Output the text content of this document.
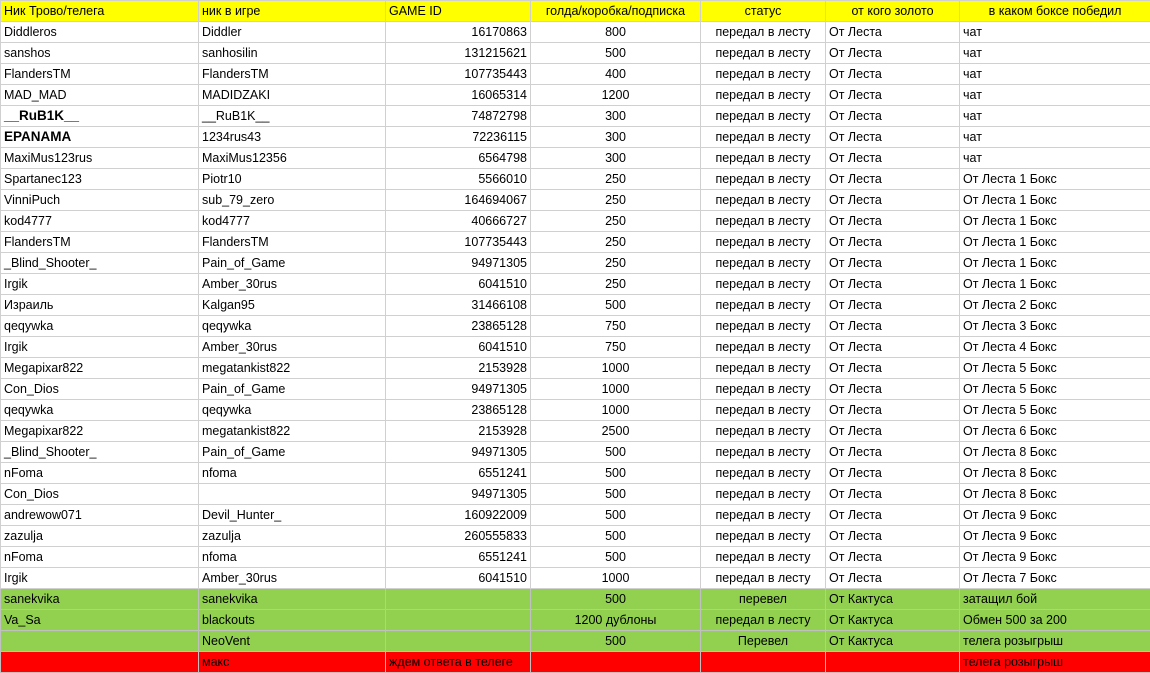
Ник Трово/телега	ник в игре	GAME ID	голда/коробка/подписка	статус	от кого золото	в каком боксе победил
Diddleros	Diddler	16170863	800	передал в лесту	От Леста	чат
sanshos	sanhosilin	131215621	500	передал в лесту	От Леста	чат
FlandersTM	FlandersTM	107735443	400	передал в лесту	От Леста	чат
MAD_MAD	MADIDZAKI	16065314	1200	передал в лесту	От Леста	чат
__RuB1K__	__RuB1K__	74872798	300	передал в лесту	От Леста	чат
EPANAMA	1234rus43	72236115	300	передал в лесту	От Леста	чат
MaxiMus123rus	MaxiMus12356	6564798	300	передал в лесту	От Леста	чат
Spartanec123	Piotr10	5566010	250	передал в лесту	От Леста	От Леста 1 Бокс
VinniPuch	sub_79_zero	164694067	250	передал в лесту	От Леста	От Леста 1 Бокс
kod4777	kod4777	40666727	250	передал в лесту	От Леста	От Леста 1 Бокс
FlandersTM	FlandersTM	107735443	250	передал в лесту	От Леста	От Леста 1 Бокс
_Blind_Shooter_	Pain_of_Game	94971305	250	передал в лесту	От Леста	От Леста 1 Бокс
Irgik	Amber_30rus	6041510	250	передал в лесту	От Леста	От Леста 1 Бокс
Израиль	Kalgan95	31466108	500	передал в лесту	От Леста	От Леста 2 Бокс
qeqywka	qeqywka	23865128	750	передал в лесту	От Леста	От Леста 3 Бокс
Irgik	Amber_30rus	6041510	750	передал в лесту	От Леста	От Леста 4 Бокс
Megapixar822	megatankist822	2153928	1000	передал в лесту	От Леста	От Леста 5 Бокс
Con_Dios	Pain_of_Game	94971305	1000	передал в лесту	От Леста	От Леста 5 Бокс
qeqywka	qeqywka	23865128	1000	передал в лесту	От Леста	От Леста 5 Бокс
Megapixar822	megatankist822	2153928	2500	передал в лесту	От Леста	От Леста 6 Бокс
_Blind_Shooter_	Pain_of_Game	94971305	500	передал в лесту	От Леста	От Леста 8 Бокс
nFoma	nfoma	6551241	500	передал в лесту	От Леста	От Леста 8 Бокс
Con_Dios		94971305	500	передал в лесту	От Леста	От Леста 8 Бокс
andrewow071	Devil_Hunter_	160922009	500	передал в лесту	От Леста	От Леста 9 Бокс
zazulja	zazulja	260555833	500	передал в лесту	От Леста	От Леста 9 Бокс
nFoma	nfoma	6551241	500	передал в лесту	От Леста	От Леста 9 Бокс
Irgik	Amber_30rus	6041510	1000	передал в лесту	От Леста	От Леста 7 Бокс
sanekvika	sanekvika		500	перевел	От Кактуса	затащил бой
Va_Sa	blackouts		1200 дублоны	передал в лесту	От Кактуса	Обмен 500 за 200
	NeoVent		500	Перевел	От Кактуса	телега розыгрыш
	макс	ждем ответа в телеге				телега розыгрыш
